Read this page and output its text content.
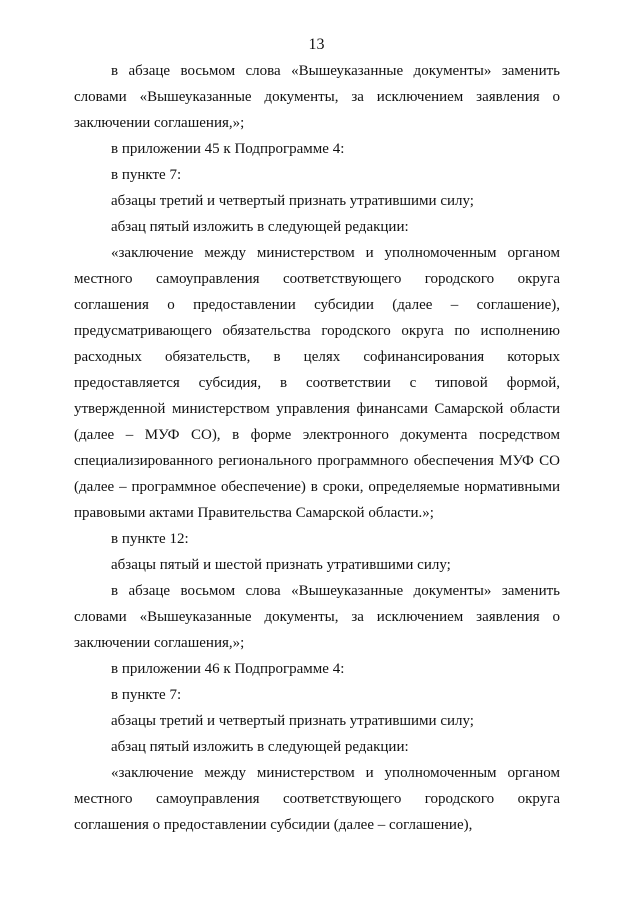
13
в абзаце восьмом слова «Вышеуказанные документы» заменить
словами «Вышеуказанные документы, за исключением заявления о
заключении соглашения,»;
в приложении 45 к Подпрограмме 4:
в пункте 7:
абзацы третий и четвертый признать утратившими силу;
абзац пятый изложить в следующей редакции:
«заключение между министерством и уполномоченным органом
местного самоуправления соответствующего городского округа
соглашения о предоставлении субсидии (далее – соглашение),
предусматривающего обязательства городского округа по исполнению
расходных обязательств, в целях софинансирования которых
предоставляется субсидия, в соответствии с типовой формой,
утвержденной министерством управления финансами Самарской области
(далее – МУФ СО), в форме электронного документа посредством
специализированного регионального программного обеспечения МУФ СО
(далее – программное обеспечение) в сроки, определяемые нормативными
правовыми актами Правительства Самарской области.»;
в пункте 12:
абзацы пятый и шестой признать утратившими силу;
в абзаце восьмом слова «Вышеуказанные документы» заменить
словами «Вышеуказанные документы, за исключением заявления о
заключении соглашения,»;
в приложении 46 к Подпрограмме 4:
в пункте 7:
абзацы третий и четвертый признать утратившими силу;
абзац пятый изложить в следующей редакции:
«заключение между министерством и уполномоченным органом
местного самоуправления соответствующего городского округа
соглашения о предоставлении субсидии (далее – соглашение),
